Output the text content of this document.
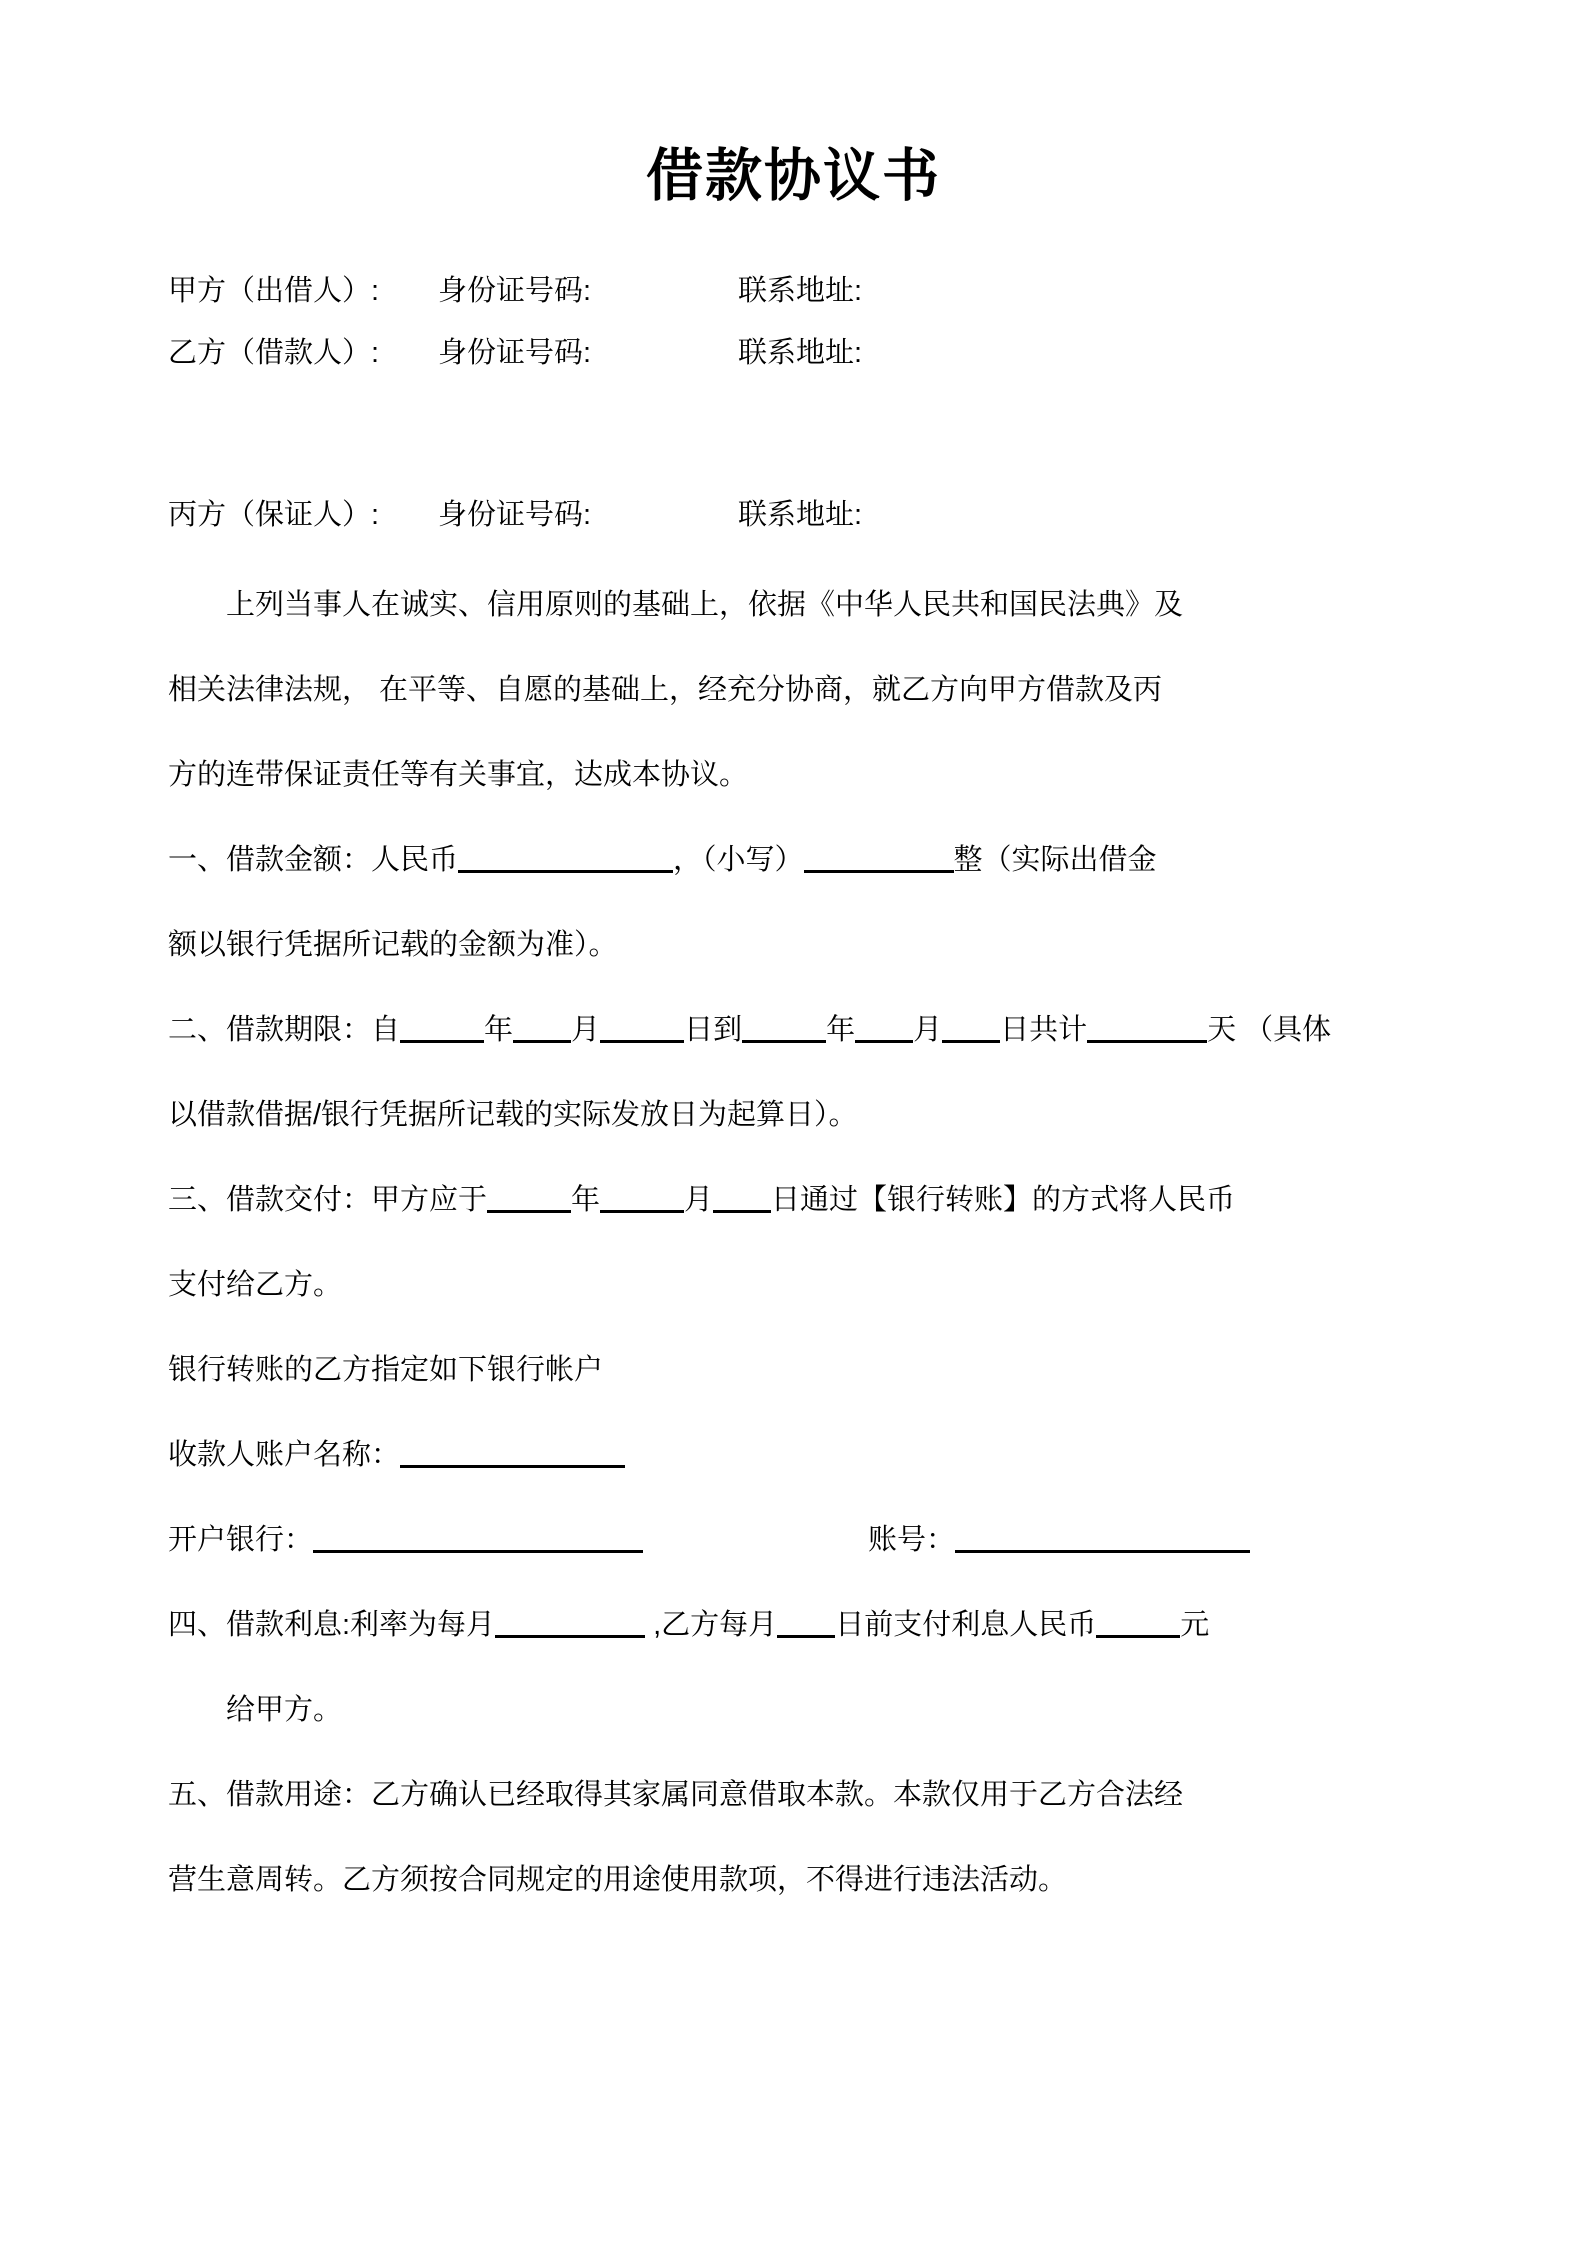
借款协议书
甲方（出借人）:	身份证号码:	联系地址:
乙方（借款人）:	身份证号码:	联系地址:
丙方（保证人）:	身份证号码:	联系地址:

上列当事人在诚实、信用原则的基础上，依据《中华人民共和国民法典》及

相关法律法规， 在平等、自愿的基础上，经充分协商，就乙方向甲方借款及丙

方的连带保证责任等有关事宜，达成本协议。

一、借款金额：人民币	，（小写）	整（实际出借金

额以银行凭据所记载的金额为准）。

二、借款期限：自	年 月	日到	年 月 日共计	天 （具体

以借款借据/银行凭据所记载的实际发放日为起算日）。

三、借款交付：甲方应于	年	月 日通过【银行转账】的方式将人民币

支付给乙方。

银行转账的乙方指定如下银行帐户

收款人账户名称：

开户银行：	账号：

四、借款利息:利率为每月	,乙方每月 日前支付利息人民币	元

给甲方。

五、借款用途：乙方确认已经取得其家属同意借取本款。本款仅用于乙方合法经

营生意周转。乙方须按合同规定的用途使用款项，不得进行违法活动。
